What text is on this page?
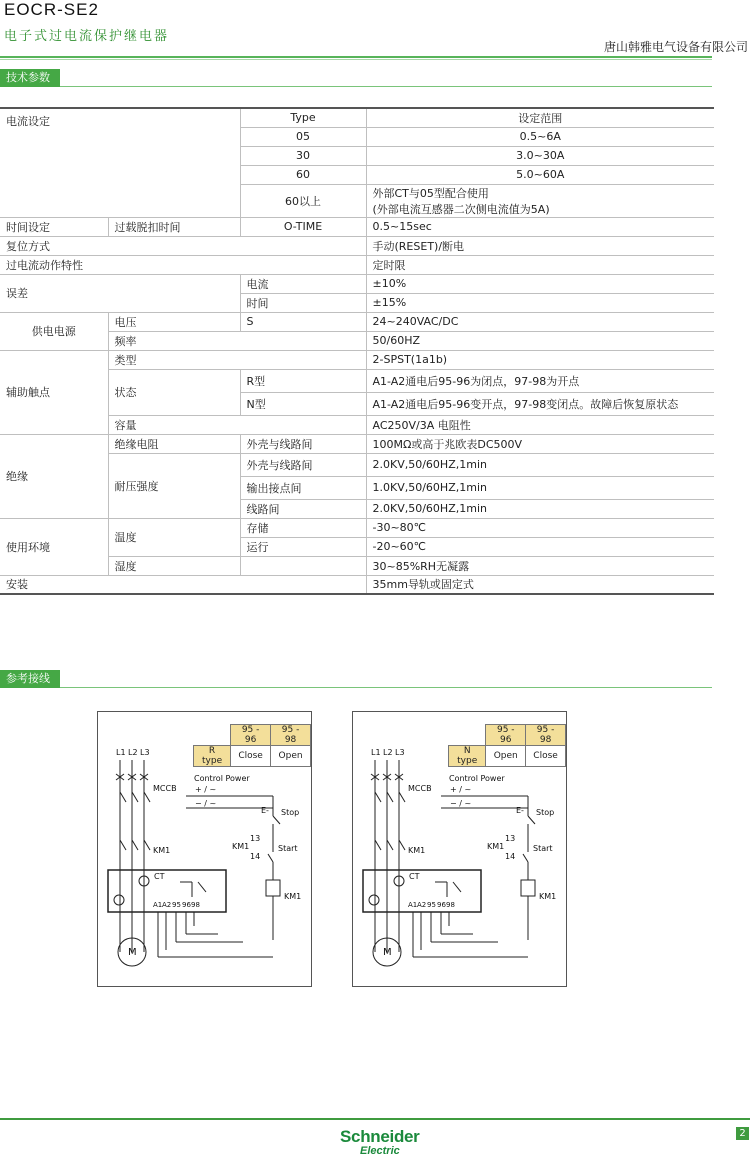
EOCR-SE2
电子式过电流保护继电器
唐山韩雅电气设备有限公司
技术参数
电流设定		Type	设定范围
		05	0.5~6A
		30	3.0~30A
		60	5.0~60A
		60以上	外部CT与05型配合使用
(外部电流互感器二次侧电流值为5A)

时间设定	过载脱扣时间	O-TIME	0.5~15sec
复位方式			手动(RESET)/断电
过电流动作特性			定时限
误差		电流	±10%
		时间	±15%
供电电源	电压	S	24~240VAC/DC
	频率		50/60HZ
辅助触点	类型		2-SPST(1a1b)
	状态	R型	A1-A2通电后95-96为闭点，97-98为开点
		N型	A1-A2通电后95-96变开点，97-98变闭点。故障后恢复原状态
	容量		AC250V/3A 电阻性
绝缘	绝缘电阻	外壳与线路间	100MΩ或高于兆欧表DC500V
	耐压强度	外壳与线路间	2.0KV,50/60HZ,1min
		输出接点间	1.0KV,50/60HZ,1min
		线路间	2.0KV,50/60HZ,1min
使用环境	温度	存储	-30~80℃
		运行	-20~60℃
	湿度		30~85%RH无凝露
安装			35mm导轨或固定式
参考接线
	95 - 96	95 - 98
R type	Close	Open
L1 L2 L3
MCCB
KM1
Control Power
+ / ~
− / ~
E- Stop
13
14
KM1	Start
KM1
CT
M
A1 A2 95 96 98
	95 - 96	95 - 98
N type	Open	Close
L1 L2 L3
MCCB
KM1
Control Power
+ / ~
− / ~
E- Stop
13
14
KM1	Start
KM1
CT
M
A1 A2 95 96 98
Schneider
Electric
2
